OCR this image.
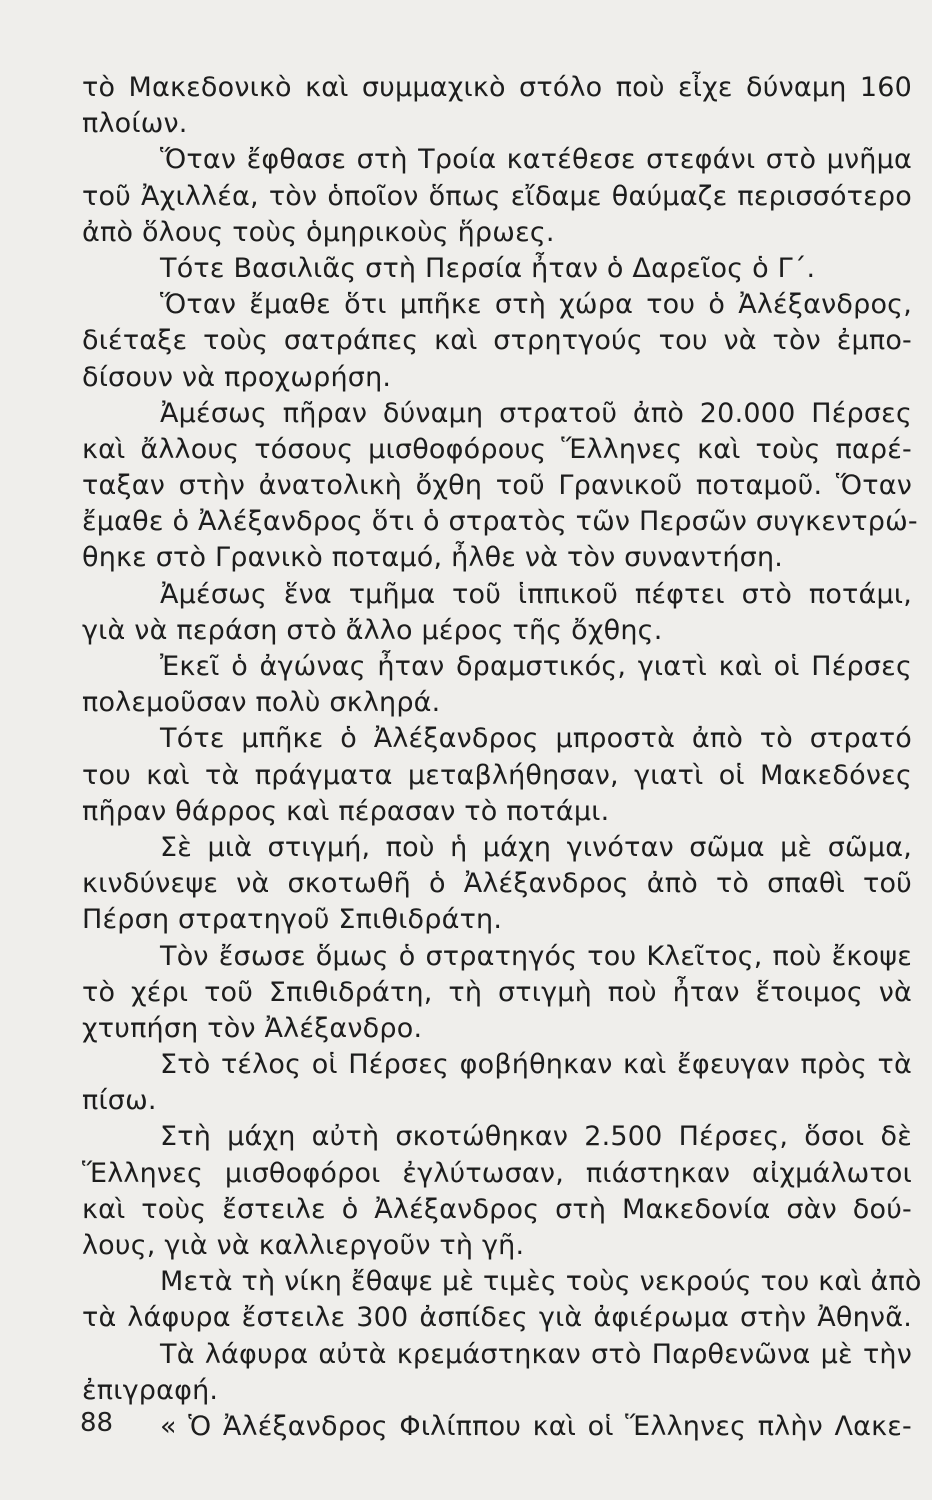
τὸ Μακεδονικὸ καὶ συμμαχικὸ στόλο ποὺ εἶχε δύναμη 160
πλοίων.
Ὅταν ἔφθασε στὴ Τροία κατέθεσε στεφάνι στὸ μνῆμα
τοῦ Ἀχιλλέα, τὸν ὁποῖον ὅπως εἴδαμε θαύμαζε περισσότερο
ἀπὸ ὅλους τοὺς ὁμηρικοὺς ἥρωες.
Τότε Βασιλιᾶς στὴ Περσία ἦταν ὁ Δαρεῖος ὁ Γ΄.
Ὅταν ἔμαθε ὅτι μπῆκε στὴ χώρα του ὁ Ἀλέξανδρος,
διέταξε τοὺς σατράπες καὶ στρητγούς του νὰ τὸν ἐμπο-
δίσουν νὰ προχωρήση.
Ἀμέσως πῆραν δύναμη στρατοῦ ἀπὸ 20.000 Πέρσες
καὶ ἄλλους τόσους μισθοφόρους Ἕλληνες καὶ τοὺς παρέ-
ταξαν στὴν ἀνατολικὴ ὄχθη τοῦ Γρανικοῦ ποταμοῦ. Ὅταν
ἔμαθε ὁ Ἀλέξανδρος ὅτι ὁ στρατὸς τῶν Περσῶν συγκεντρώ-
θηκε στὸ Γρανικὸ ποταμό, ἦλθε νὰ τὸν συναντήση.
Ἀμέσως ἕνα τμῆμα τοῦ ἱππικοῦ πέφτει στὸ ποτάμι,
γιὰ νὰ περάση στὸ ἄλλο μέρος τῆς ὄχθης.
Ἐκεῖ ὁ ἀγώνας ἦταν δραμστικός, γιατὶ καὶ οἱ Πέρσες
πολεμοῦσαν πολὺ σκληρά.
Τότε μπῆκε ὁ Ἀλέξανδρος μπροστὰ ἀπὸ τὸ στρατό
του καὶ τὰ πράγματα μεταβλήθησαν, γιατὶ οἱ Μακεδόνες
πῆραν θάρρος καὶ πέρασαν τὸ ποτάμι.
Σὲ μιὰ στιγμή, ποὺ ἡ μάχη γινόταν σῶμα μὲ σῶμα,
κινδύνεψε νὰ σκοτωθῆ ὁ Ἀλέξανδρος ἀπὸ τὸ σπαθὶ τοῦ
Πέρση στρατηγοῦ Σπιθιδράτη.
Τὸν ἔσωσε ὅμως ὁ στρατηγός του Κλεῖτος, ποὺ ἔκοψε
τὸ χέρι τοῦ Σπιθιδράτη, τὴ στιγμὴ ποὺ ἦταν ἕτοιμος νὰ
χτυπήση τὸν Ἀλέξανδρο.
Στὸ τέλος οἱ Πέρσες φοβήθηκαν καὶ ἔφευγαν πρὸς τὰ
πίσω.
Στὴ μάχη αὐτὴ σκοτώθηκαν 2.500 Πέρσες, ὅσοι δὲ
Ἕλληνες μισθοφόροι ἐγλύτωσαν, πιάστηκαν αἰχμάλωτοι
καὶ τοὺς ἔστειλε ὁ Ἀλέξανδρος στὴ Μακεδονία σὰν δού-
λους, γιὰ νὰ καλλιεργοῦν τὴ γῆ.
Μετὰ τὴ νίκη ἔθαψε μὲ τιμὲς τοὺς νεκρούς του καὶ ἀπὸ
τὰ λάφυρα ἔστειλε 300 ἀσπίδες γιὰ ἀφιέρωμα στὴν Ἀθηνᾶ.
Τὰ λάφυρα αὐτὰ κρεμάστηκαν στὸ Παρθενῶνα μὲ τὴν
ἐπιγραφή.
« Ὁ Ἀλέξανδρος Φιλίππου καὶ οἱ Ἕλληνες πλὴν Λακε-
88
